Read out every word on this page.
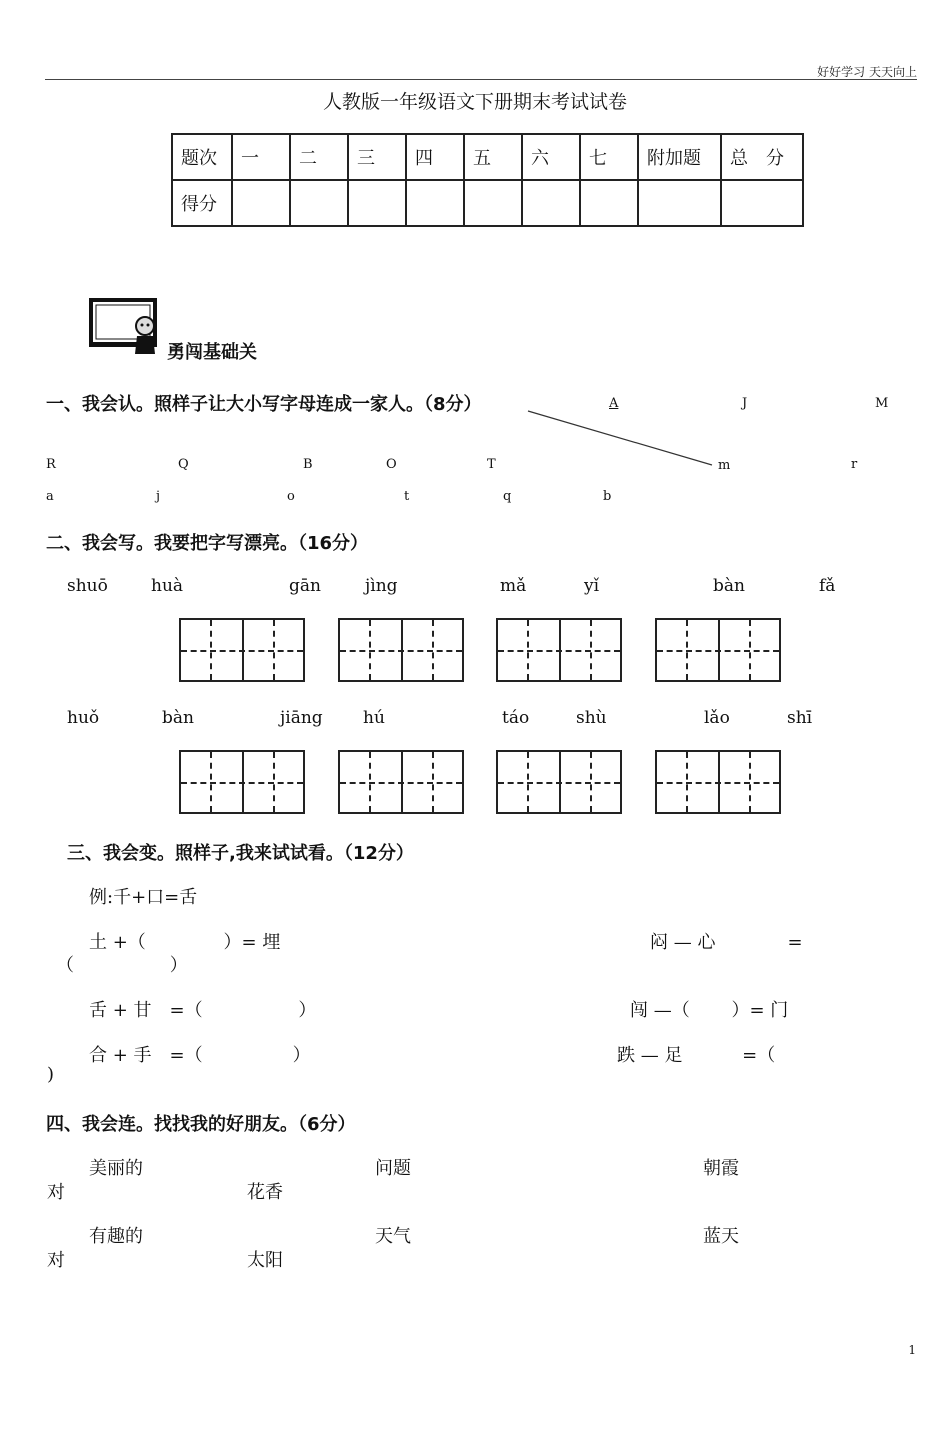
好好学习 天天向上
人教版一年级语文下册期末考试试卷
题次	一	二	三	四	五	六	七	附加题	总　分
得分									
勇闯基础关
一、我会认。照样子让大小写字母连成一家人。（8分）	A	J	M
R	Q	B	O	T	m	r
a	j	o	t	q	b
二、我会写。我要把字写漂亮。（16分）
shuō	huà	gān	jìng	mǎ	yǐ	bàn	fǎ
huǒ	bàn	jiāng hú	táo	shù	lǎo	shī
三、我会变。照样子,我来试试看。（12分）
例:千+口=舌
土 +（　　　　 ）= 埋	闷 — 心　　　　=
（　　　　　 ）
舌 + 甘　=（　　　　　 ）	闯 —（　　 ）= 门
合 + 手　=（　　　　　）	跌 — 足　　　 =（
)
四、我会连。找找我的好朋友。（6分）
美丽的	问题	朝霞
对	花香
有趣的	天气	蓝天
对	太阳
1
